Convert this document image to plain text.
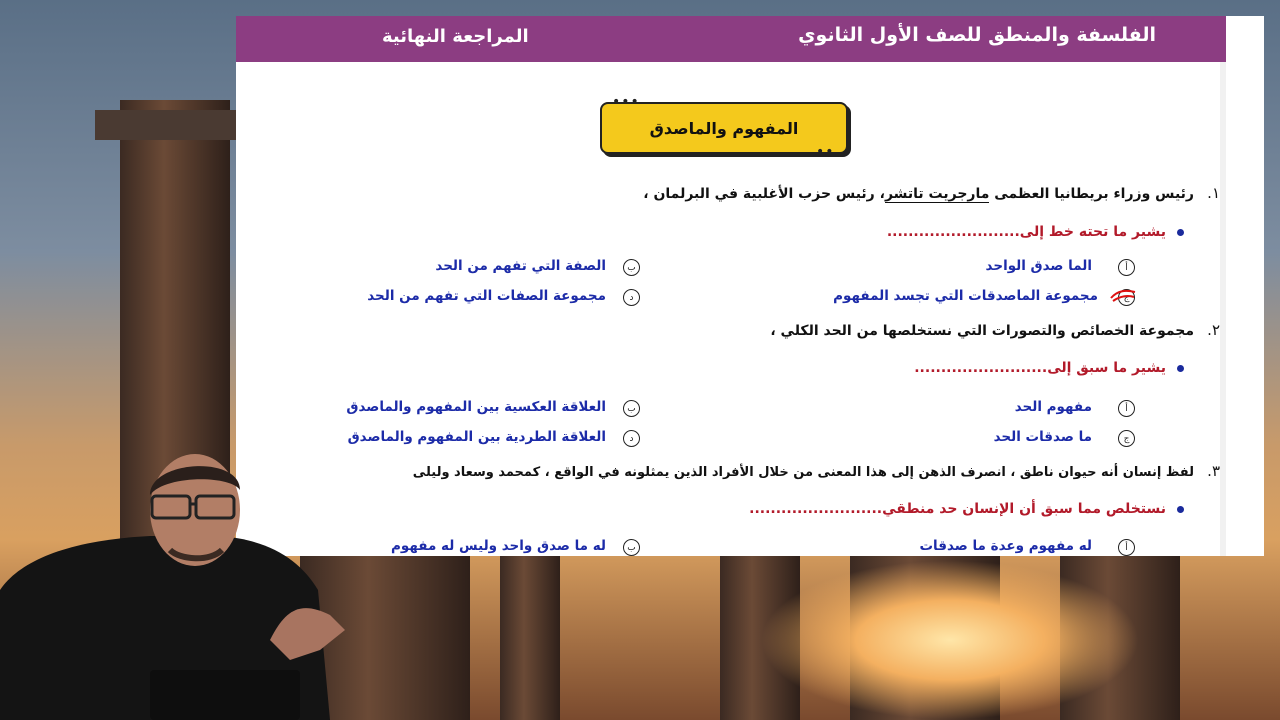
الفلسفة والمنطق للصف الأول الثانوي
المراجعة النهائية
المفهوم والماصدق
••
.١
رئيس وزراء بريطانيا العظمى مارجريت تاتشر، رئيس حزب الأغلبية في البرلمان ،
يشير ما تحته خط إلى.........................
أ
الما صدق الواحد
ب
الصفة التي تفهم من الحد
ج
مجموعة الماصدقات التي تجسد المفهوم
د
مجموعة الصفات التي تفهم من الحد
.٢
مجموعة الخصائص والتصورات التي نستخلصها من الحد الكلي ،
يشير ما سبق إلى.........................
أ
مفهوم الحد
ب
العلاقة العكسية بين المفهوم والماصدق
ج
ما صدقات الحد
د
العلاقة الطردية بين المفهوم والماصدق
.٣
لفظ إنسان أنه حيوان ناطق ، انصرف الذهن إلى هذا المعنى من خلال الأفراد الذين يمثلونه في الواقع ، كمحمد وسعاد وليلى
نستخلص مما سبق أن الإنسان حد منطقي.........................
أ
له مفهوم وعدة ما صدقات
ب
له ما صدق واحد وليس له مفهوم
